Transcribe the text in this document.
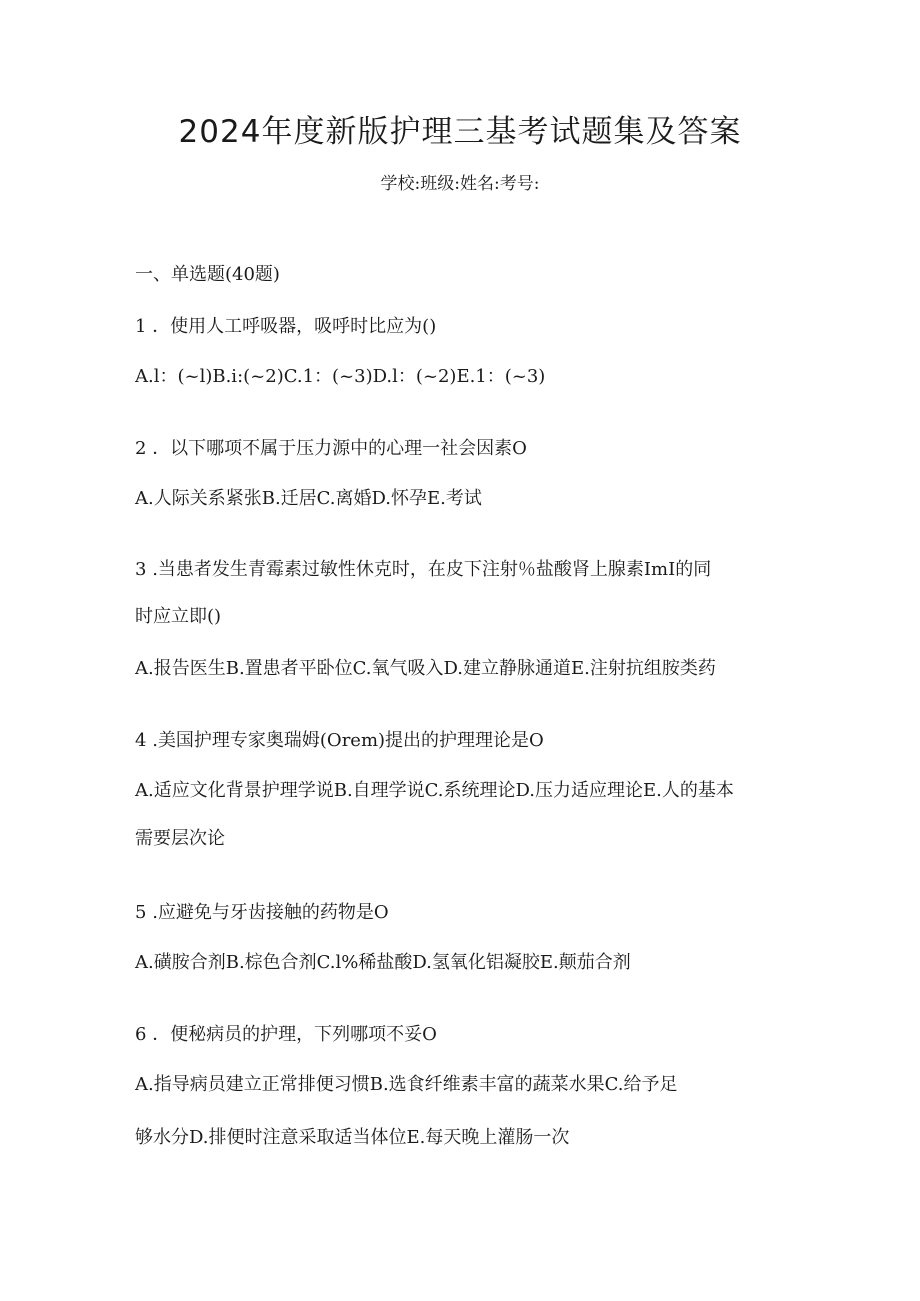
2024年度新版护理三基考试题集及答案
学校:班级:姓名:考号:
一、单选题(40题)
1 ．使用人工呼吸器，吸呼时比应为()
A.l：(~l)B.i:(~2)C.1：(~3)D.l：(~2)E.1：(~3)
2 ．以下哪项不属于压力源中的心理一社会因素O
A.人际关系紧张B.迁居C.离婚D.怀孕E.考试
3 .当患者发生青霉素过敏性休克时，在皮下注射％盐酸肾上腺素ImI的同
时应立即()
A.报告医生B.置患者平卧位C.氧气吸入D.建立静脉通道E.注射抗组胺类药
4 .美国护理专家奥瑞姆(Orem)提出的护理理论是O
A.适应文化背景护理学说B.自理学说C.系统理论D.压力适应理论E.人的基本
需要层次论
5 .应避免与牙齿接触的药物是O
A.磺胺合剂B.棕色合剂C.l%稀盐酸D.氢氧化铝凝胶E.颠茄合剂
6 ．便秘病员的护理，下列哪项不妥O
A.指导病员建立正常排便习惯B.选食纤维素丰富的蔬菜水果C.给予足
够水分D.排便时注意采取适当体位E.每天晚上灌肠一次
